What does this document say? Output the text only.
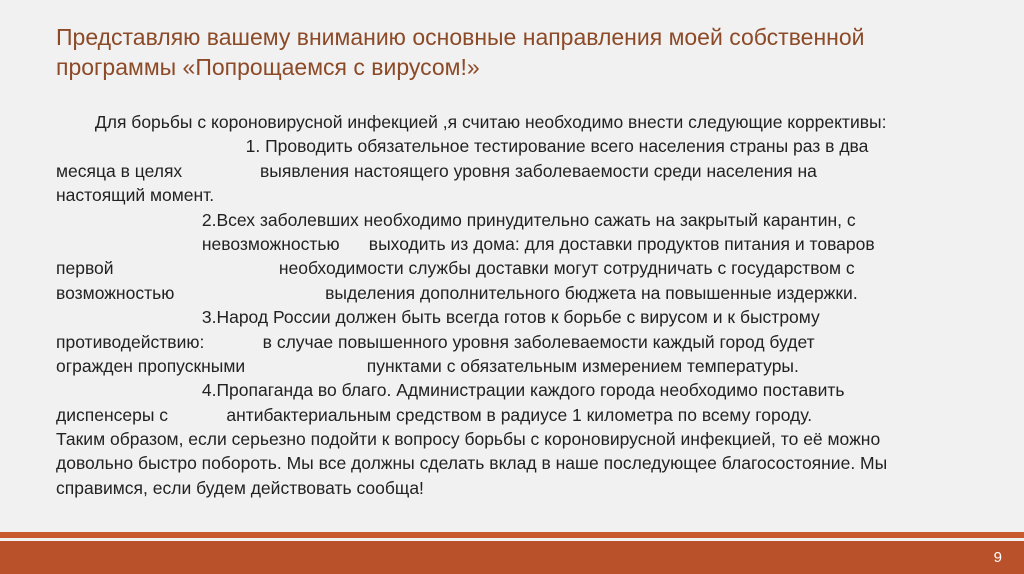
Представляю вашему вниманию основные направления моей собственной
программы «Попрощаемся с вирусом!»
Для борьбы с короновирусной инфекцией ,я считаю необходимо внести следующие коррективы:
1. Проводить обязательное тестирование всего населения страны раз в два
месяца в целях                выявления настоящего уровня заболеваемости среди населения на
настоящий момент.
2.Всех заболевших необходимо принудительно сажать на закрытый карантин, с
невозможностью      выходить из дома: для доставки продуктов питания и товаров
первой                                  необходимости службы доставки могут сотрудничать с государством с
возможностью                               выделения дополнительного бюджета на повышенные издержки.
3.Народ России должен быть всегда готов к борьбе с вирусом и к быстрому
противодействию:            в случае повышенного уровня заболеваемости каждый город будет
огражден пропускными                         пунктами с обязательным измерением температуры.
4.Пропаганда во благо. Администрации каждого города необходимо поставить
диспенсеры с            антибактериальным средством в радиусе 1 километра по всему городу.
Таким образом, если серьезно подойти к вопросу борьбы с короновирусной инфекцией, то её можно
довольно быстро побороть. Мы все должны сделать вклад в наше последующее благосостояние. Мы
справимся, если будем действовать сообща!
9
